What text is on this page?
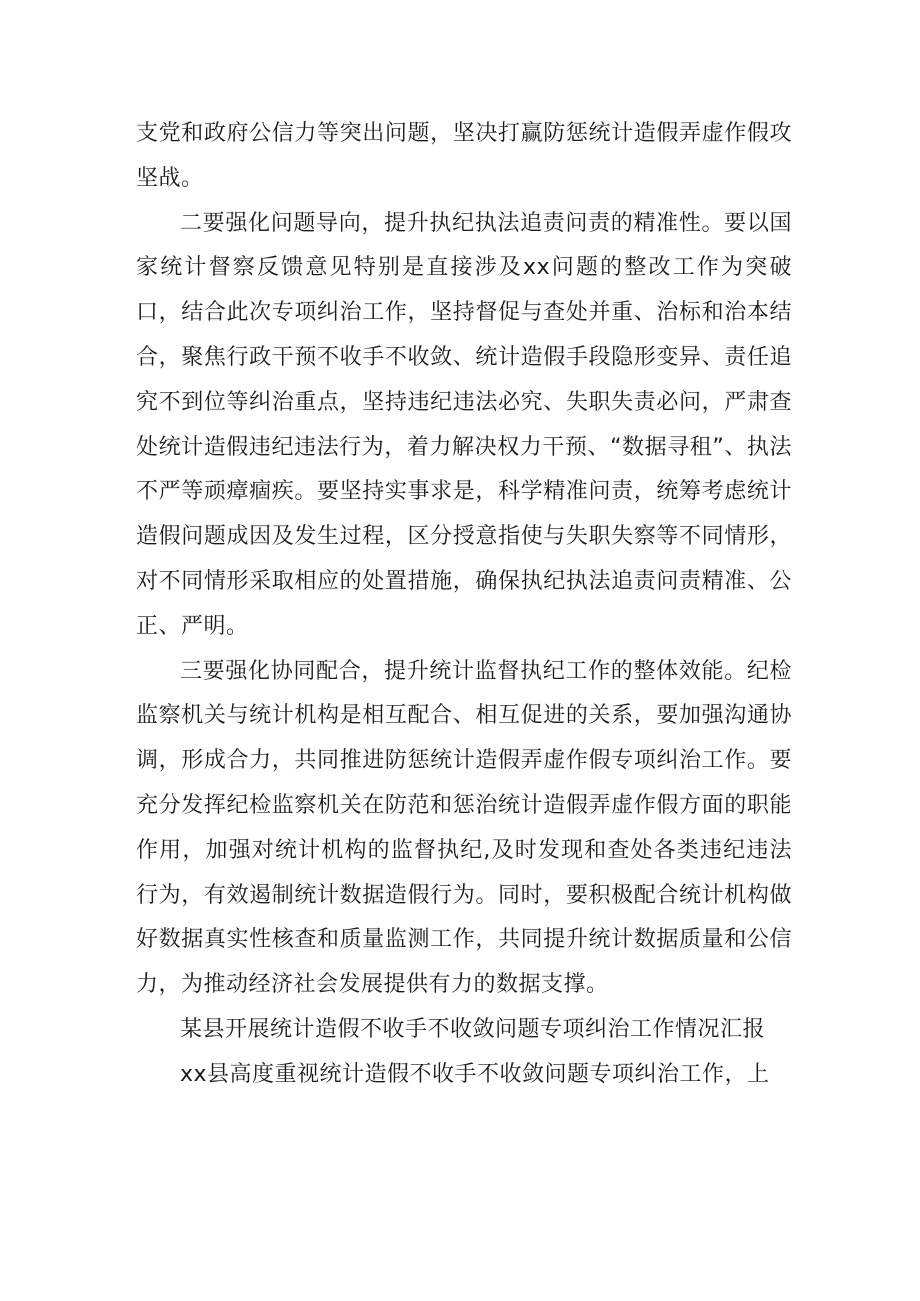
支党和政府公信力等突出问题，坚决打赢防惩统计造假弄虚作假攻坚战。

二要强化问题导向，提升执纪执法追责问责的精准性。要以国家统计督察反馈意见特别是直接涉及xx问题的整改工作为突破口，结合此次专项纠治工作，坚持督促与查处并重、治标和治本结合，聚焦行政干预不收手不收敛、统计造假手段隐形变异、责任追究不到位等纠治重点，坚持违纪违法必究、失职失责必问，严肃查处统计造假违纪违法行为，着力解决权力干预、“数据寻租”、执法不严等顽瘴痼疾。要坚持实事求是，科学精准问责，统筹考虑统计造假问题成因及发生过程，区分授意指使与失职失察等不同情形，对不同情形采取相应的处置措施，确保执纪执法追责问责精准、公正、严明。

三要强化协同配合，提升统计监督执纪工作的整体效能。纪检监察机关与统计机构是相互配合、相互促进的关系，要加强沟通协调，形成合力，共同推进防惩统计造假弄虚作假专项纠治工作。要充分发挥纪检监察机关在防范和惩治统计造假弄虚作假方面的职能作用，加强对统计机构的监督执纪,及时发现和查处各类违纪违法行为，有效遏制统计数据造假行为。同时，要积极配合统计机构做好数据真实性核查和质量监测工作，共同提升统计数据质量和公信力，为推动经济社会发展提供有力的数据支撑。

某县开展统计造假不收手不收敛问题专项纠治工作情况汇报

xx县高度重视统计造假不收手不收敛问题专项纠治工作，上
